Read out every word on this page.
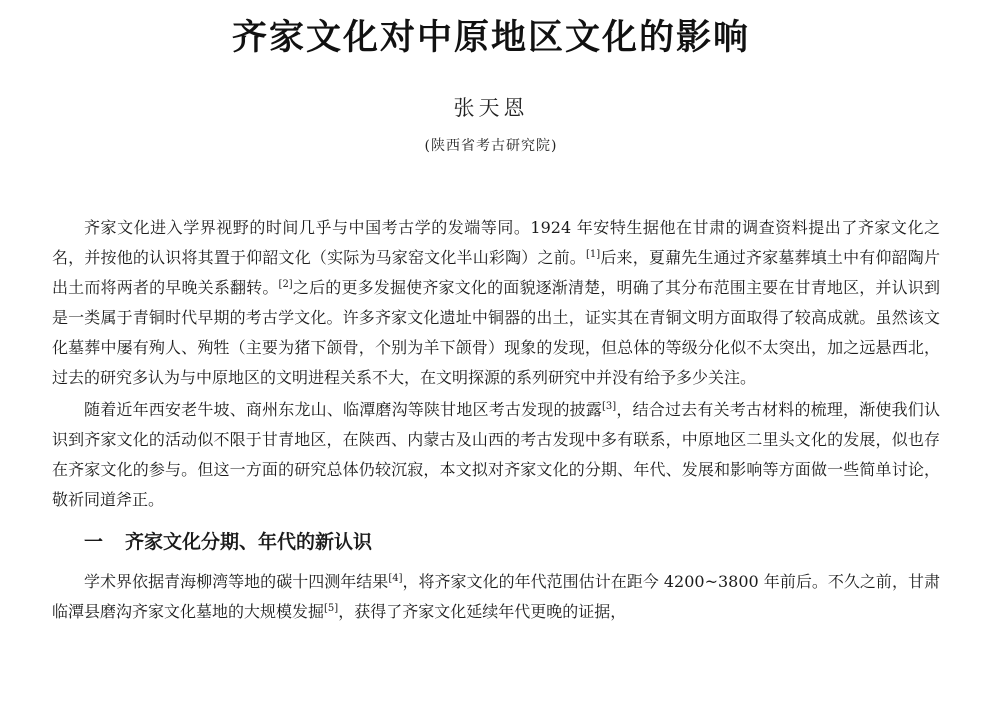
齐家文化对中原地区文化的影响
张天恩
(陕西省考古研究院)

齐家文化进入学界视野的时间几乎与中国考古学的发端等同。1924 年安特生据他在甘肃的调查资料提出了齐家文化之名，并按他的认识将其置于仰韶文化（实际为马家窑文化半山彩陶）之前。[1]后来，夏鼐先生通过齐家墓葬填土中有仰韶陶片出土而将两者的早晚关系翻转。[2]之后的更多发掘使齐家文化的面貌逐渐清楚，明确了其分布范围主要在甘青地区，并认识到是一类属于青铜时代早期的考古学文化。许多齐家文化遗址中铜器的出土，证实其在青铜文明方面取得了较高成就。虽然该文化墓葬中屡有殉人、殉牲（主要为猪下颌骨，个别为羊下颌骨）现象的发现，但总体的等级分化似不太突出，加之远悬西北，过去的研究多认为与中原地区的文明进程关系不大，在文明探源的系列研究中并没有给予多少关注。

随着近年西安老牛坡、商州东龙山、临潭磨沟等陕甘地区考古发现的披露[3]，结合过去有关考古材料的梳理，渐使我们认识到齐家文化的活动似不限于甘青地区，在陕西、内蒙古及山西的考古发现中多有联系，中原地区二里头文化的发展，似也存在齐家文化的参与。但这一方面的研究总体仍较沉寂，本文拟对齐家文化的分期、年代、发展和影响等方面做一些简单讨论，敬祈同道斧正。

一 齐家文化分期、年代的新认识

学术界依据青海柳湾等地的碳十四测年结果[4]，将齐家文化的年代范围估计在距今 4200~3800 年前后。不久之前，甘肃临潭县磨沟齐家文化墓地的大规模发掘[5]，获得了齐家文化延续年代更晚的证据，
